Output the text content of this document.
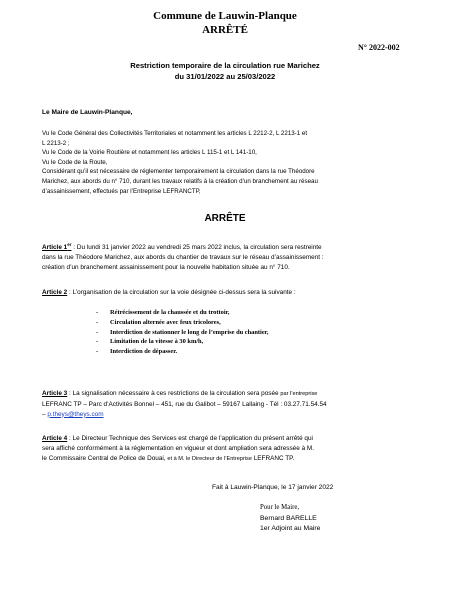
Commune de Lauwin-Planque
ARRÊTÉ
N° 2022-002
Restriction temporaire de la circulation rue Marichez
du 31/01/2022 au 25/03/2022
Le Maire de Lauwin-Planque,

Vu le Code Général des Collectivités Territoriales et notamment les articles L 2212-2, L 2213-1 et

L 2213-2 ;

Vu le Code de la Voirie Routière et notamment les articles L 115-1 et L 141-10,

Vu le Code de la Route,

Considérant qu’il est nécessaire de réglementer temporairement la circulation dans la rue Théodore

Marichez, aux abords du n° 710, durant les travaux relatifs à la création d’un branchement au réseau

d’assainissement, effectués par l’Entreprise LEFRANCTP,

ARRÊTE

Article 1er : Du lundi 31 janvier 2022 au vendredi 25 mars 2022 inclus, la circulation sera restreinte

dans la rue Théodore Marichez, aux abords du chantier de travaux sur le réseau d’assainissement :

création d’un branchement assainissement pour la nouvelle habitation située au n° 710.

Article 2 : L’organisation de la circulation sur la voie désignée ci-dessus sera la suivante :

- Rétrécissement de la chaussée et du trottoir,
- Circulation alternée avec feux tricolores,
- Interdiction de stationner le long de l’emprise du chantier,
- Limitation de la vitesse à 30 km/h,
- Interdiction de dépasser.

Article 3 : La signalisation nécessaire à ces restrictions de la circulation sera posée par l’entreprise

LEFRANC TP – Parc d’Activités Bonnel – 451, rue du Galibot – 59167 Lallaing - Tél : 03.27.71.54.54

– p.theys@theys.com

Article 4 : Le Directeur Technique des Services est chargé de l’application du présent arrêté qui

sera affiché conformément à la réglementation en vigueur et dont ampliation sera adressée à M.

le Commissaire Central de Police de Douai, et à M. le Directeur de l’Entreprise LEFRANC TP.

Fait à Lauwin-Planque, le 17 janvier 2022

Pour le Maire,

Bernard BARELLE

1er Adjoint au Maire
